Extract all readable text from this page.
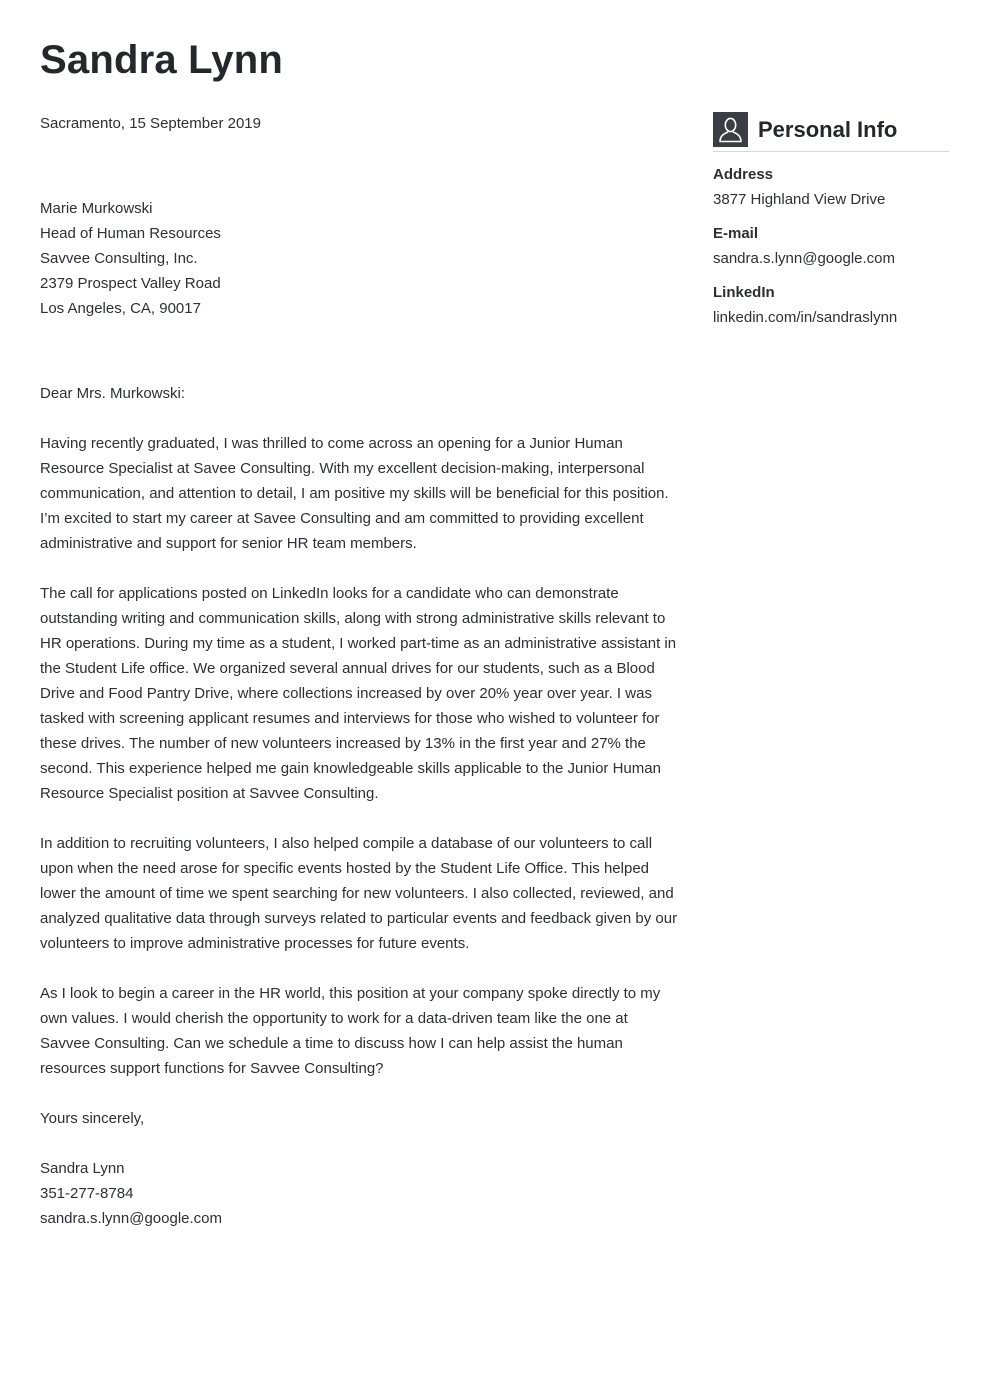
Sandra Lynn

Sacramento, 15 September 2019

Marie Murkowski
Head of Human Resources
Savvee Consulting, Inc.
2379 Prospect Valley Road
Los Angeles, CA, 90017

Dear Mrs. Murkowski:

Having recently graduated, I was thrilled to come across an opening for a Junior Human Resource Specialist at Savee Consulting. With my excellent decision-making, interpersonal communication, and attention to detail, I am positive my skills will be beneficial for this position. I’m excited to start my career at Savee Consulting and am committed to providing excellent administrative and support for senior HR team members.

The call for applications posted on LinkedIn looks for a candidate who can demonstrate outstanding writing and communication skills, along with strong administrative skills relevant to HR operations. During my time as a student, I worked part-time as an administrative assistant in the Student Life office. We organized several annual drives for our students, such as a Blood Drive and Food Pantry Drive, where collections increased by over 20% year over year. I was tasked with screening applicant resumes and interviews for those who wished to volunteer for these drives. The number of new volunteers increased by 13% in the first year and 27% the second. This experience helped me gain knowledgeable skills applicable to the Junior Human Resource Specialist position at Savvee Consulting.

In addition to recruiting volunteers, I also helped compile a database of our volunteers to call upon when the need arose for specific events hosted by the Student Life Office. This helped lower the amount of time we spent searching for new volunteers. I also collected, reviewed, and analyzed qualitative data through surveys related to particular events and feedback given by our volunteers to improve administrative processes for future events.

As I look to begin a career in the HR world, this position at your company spoke directly to my own values. I would cherish the opportunity to work for a data-driven team like the one at Savvee Consulting. Can we schedule a time to discuss how I can help assist the human resources support functions for Savvee Consulting?

Yours sincerely,

Sandra Lynn
351-277-8784
sandra.s.lynn@google.com
Personal Info
Address
3877 Highland View Drive
E-mail
sandra.s.lynn@google.com
LinkedIn
linkedin.com/in/sandraslynn
